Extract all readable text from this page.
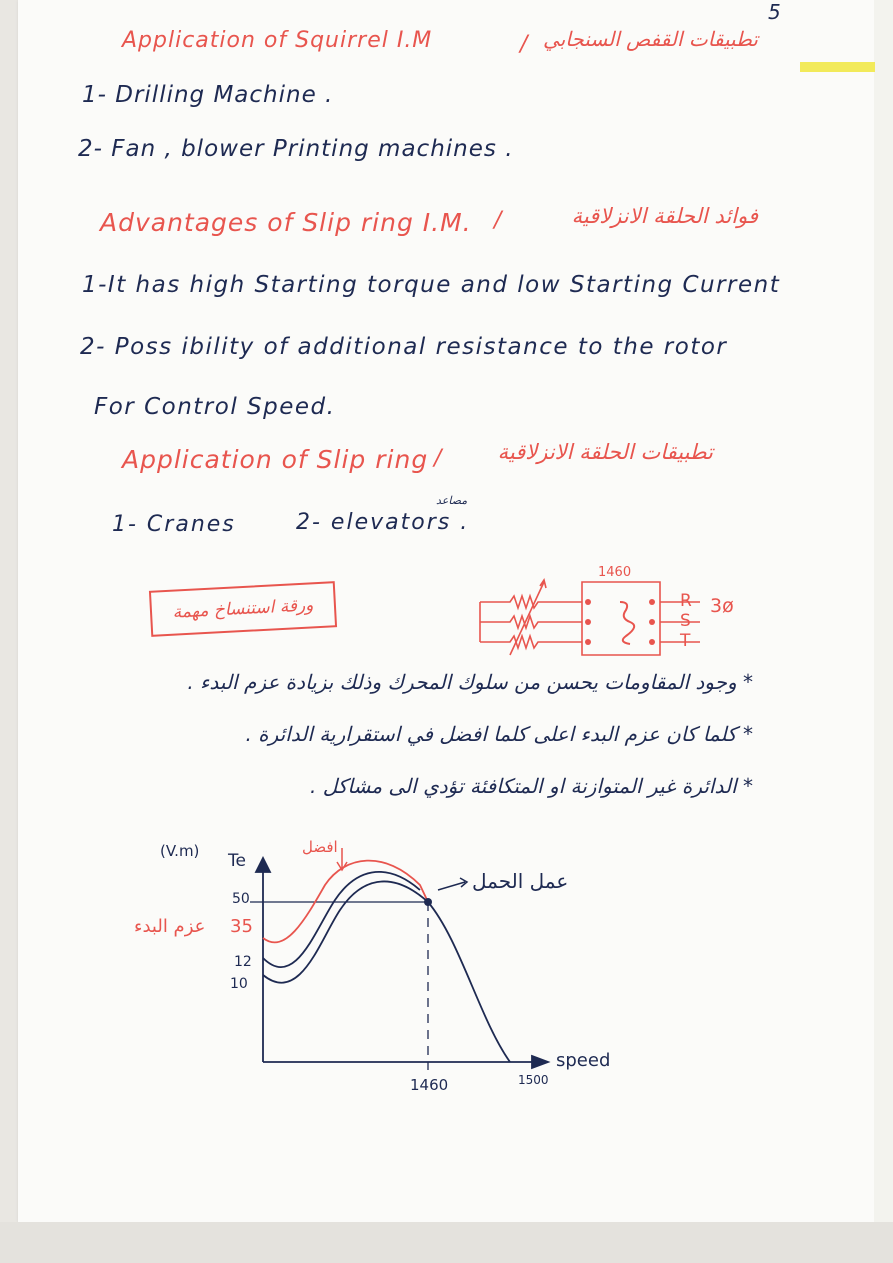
5
Application of Squirrel I.M	/ تطبيقات القفص السنجابي
1- Drilling Machine .
2- Fan , blower Printing machines .
Advantages of Slip ring I.M. /	فوائد الحلقة الانزلاقية
1-It has high Starting torque and low Starting Current
2- Poss ibility of additional resistance to the rotor
For Control Speed.
Application of Slip ring /	تطبيقات الحلقة الانزلاقية
مصاعد
1- Cranes	2- elevators .
ورقة استنساخ مهمة
1460
R
S
T
3ø
* وجود المقاومات يحسن من سلوك المحرك وذلك بزيادة عزم البدء .
* كلما كان عزم البدء اعلى كلما افضل في استقرارية الدائرة .
* الدائرة غير المتوازنة او المتكافئة تؤدي الى مشاكل .
(V.m) Te
افضل
عمل الحمل
50
35
عزم البدء
12
10
1460	1500
speed
